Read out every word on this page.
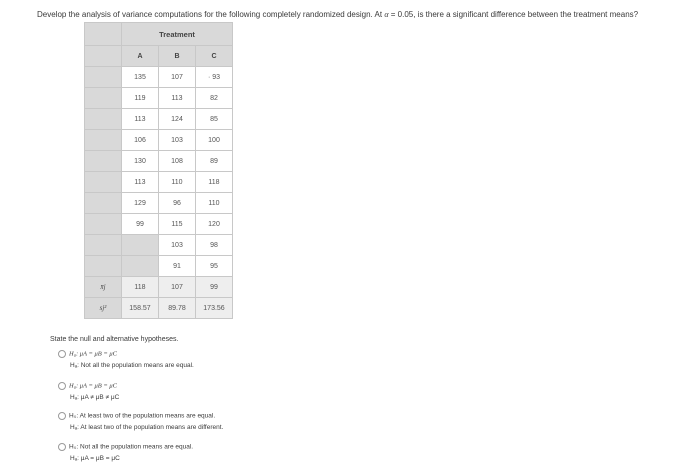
Develop the analysis of variance computations for the following completely randomized design. At α = 0.05, is there a significant difference between the treatment means?
	Treatment		
	A	B	C
	135	107	· 93
	119	113	82
	113	124	85
	106	103	100
	130	108	89
	113	110	118
	129	96	110
	99	115	120
		103	98
		91	95
x̄j	118	107	99
sj²	158.57	89.78	173.56
State the null and alternative hypotheses.
H₀: μA = μB = μC
Hₐ: Not all the population means are equal.
H₀: μA = μB = μC
Hₐ: μA ≠ μB ≠ μC
H₀: At least two of the population means are equal.
Hₐ: At least two of the population means are different.
H₀: Not all the population means are equal.
Hₐ: μA = μB = μC
